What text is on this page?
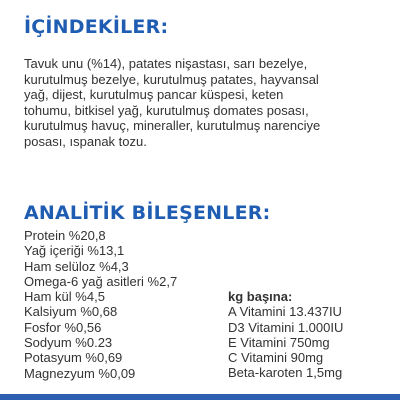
İÇİNDEKİLER:

Tavuk unu (%14), patates nişastası, sarı bezelye,
kurutulmuş bezelye, kurutulmuş patates, hayvansal
yağ, dijest, kurutulmuş pancar küspesi, keten
tohumu, bitkisel yağ, kurutulmuş domates posası,
kurutulmuş havuç, mineraller, kurutulmuş narenciye
posası, ıspanak tozu.

ANALİTİK BİLEŞENLER:
Protein %20,8
Yağ içeriği %13,1
Ham selüloz %4,3
Omega-6 yağ asitleri %2,7
Ham kül %4,5
Kalsiyum %0,68
Fosfor %0,56
Sodyum %0.23
Potasyum %0,69
Magnezyum %0,09
kg başına:
A Vitamini 13.437IU
D3 Vitamini 1.000IU
E Vitamini 750mg
C Vitamini 90mg
Beta-karoten 1,5mg
